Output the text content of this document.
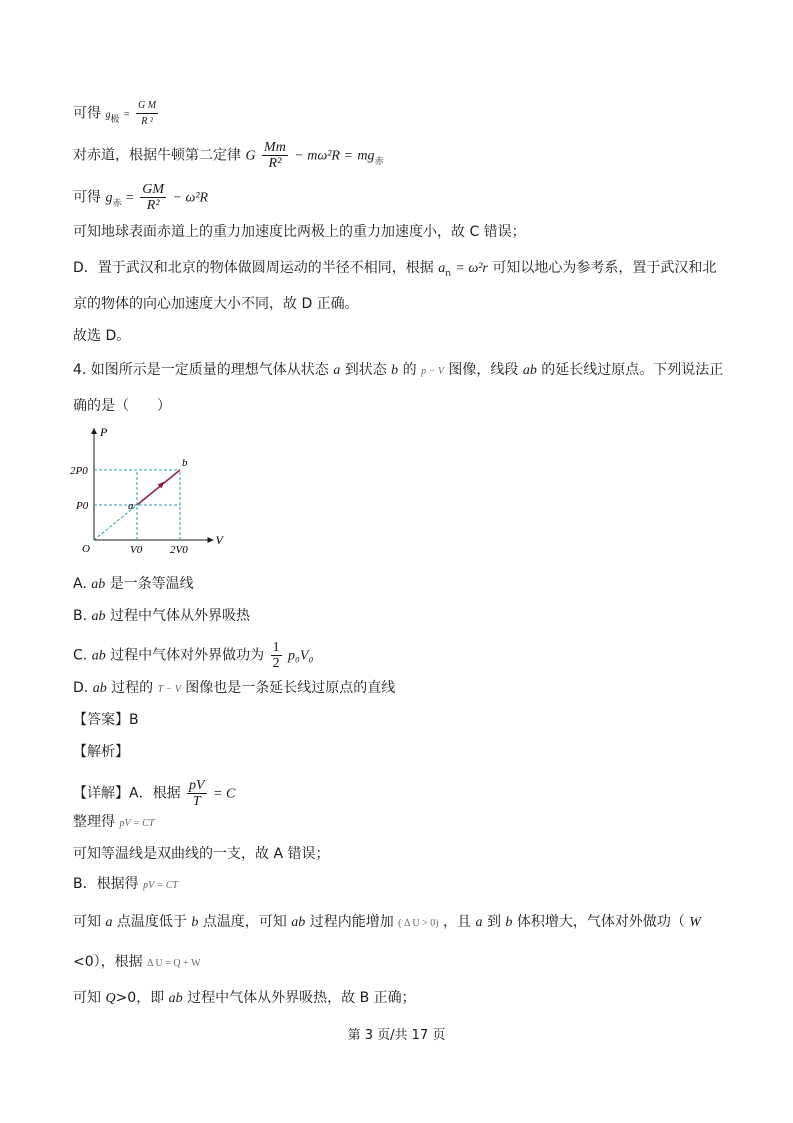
可得 $g_极 = \frac{\text{G M}}{\text{R ²}}$
对赤道，根据牛顿第二定律 G $\frac{Mm}{\text{R²}} - m\omega^2R = mg_赤$
可得 $g_赤 = \frac{GM}{\text{R²}} - \omega^2R$
可知地球表面赤道上的重力加速度比两极上的重力加速度小，故 C 错误；
D．置于武汉和北京的物体做圆周运动的半径不相同，根据 $a_n = \omega^2r$ 可知以地心为参考系，置于武汉和北
京的物体的向心加速度大小不同，故 D 正确。
故选 D。
4. 如图所示是一定质量的理想气体从状态 a 到状态 b 的 p − V 图像，线段 ab 的延长线过原点。下列说法正
确的是（　　）
V
P
O
a
b
V0	2V0
P0
2P0
A. ab 是一条等温线
B. ab 过程中气体从外界吸热
C. ab 过程中气体对外界做功为 $\frac{1}{2} p_0V_0$
D. ab 过程的 T − V 图像也是一条延长线过原点的直线
【答案】B
【解析】
【详解】A．根据 $\frac{pV}{T} = C$
整理得 pV = CT
可知等温线是双曲线的一支，故 A 错误；
B．根据得 pV = CT
可知 a 点温度低于 b 点温度，可知 ab 过程内能增加 ( Δ U > 0) ，且 a 到 b 体积增大，气体对外做功（ W
<0），根据 Δ U = Q + W
可知 Q>0，即 ab 过程中气体从外界吸热，故 B 正确；
第 3 页/共 17 页
